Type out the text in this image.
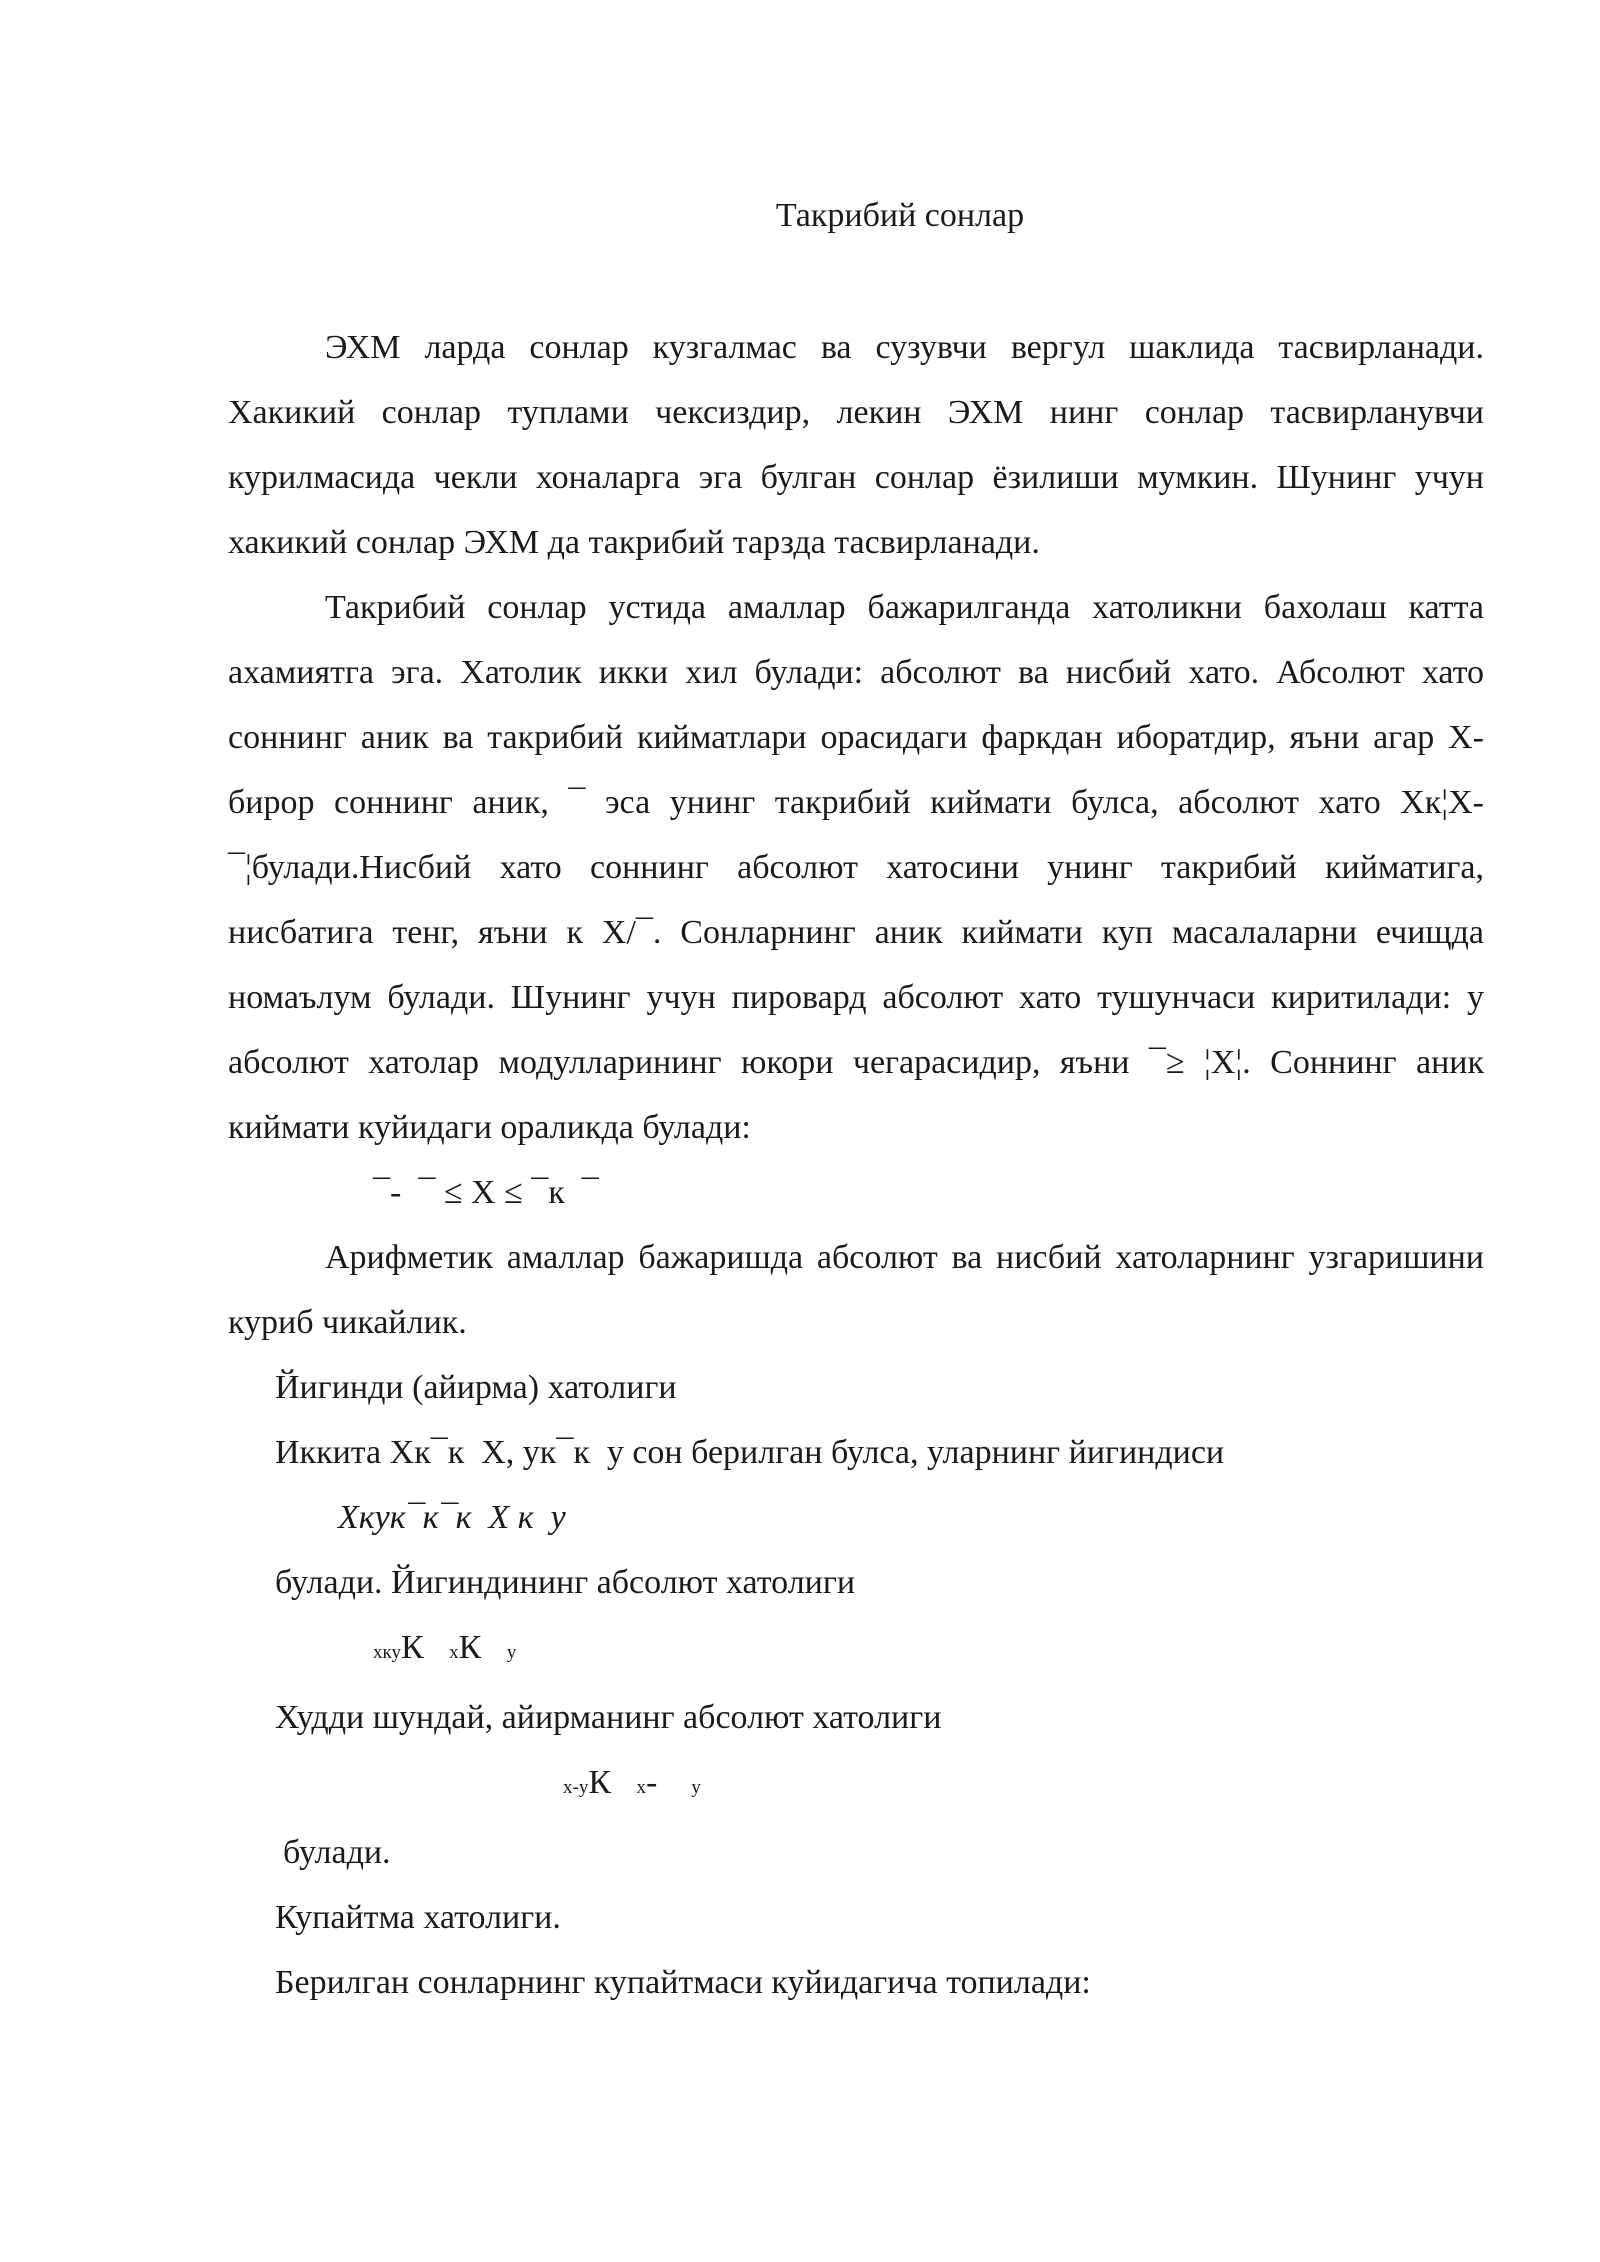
Такрибий сонлар

ЭХМ ларда сонлар кузгалмас ва сузувчи вергул шаклида тасвирланади. Хакикий сонлар туплами чексиздир, лекин ЭХМ нинг сонлар тасвирланувчи курилмасида чекли хоналарга эга булган сонлар ёзилиши мумкин. Шунинг учун хакикий сонлар ЭХМ да такрибий тарзда тасвирланади.

Такрибий сонлар устида амаллар бажарилганда хатоликни бахолаш катта ахамиятга эга. Хатолик икки хил булади: абсолют ва нисбий хато. Абсолют хато соннинг аник ва такрибий кийматлари орасидаги фаркдан иборатдир, яъни агар X-бирор соннинг аник, ¯ эса унинг такрибий киймати булса, абсолют хато Xк¦X-¯¦булади.Нисбий хато соннинг абсолют хатосини унинг такрибий кийматига, нисбатига тенг, яъни к X/¯. Сонларнинг аник киймати куп масалаларни ечищда номаълум булади. Шунинг учун пировард абсолют хато тушунчаси киритилади: у абсолют хатолар модулларининг юкори чегарасидир, яъни ¯≥ ¦X¦. Соннинг аник киймати куйидаги ораликда булади:

¯-  ¯ ≤ X ≤ ¯к  ¯

Арифметик амаллар бажаришда абсолют ва нисбий хатоларнинг узгаришини куриб чикайлик.

Йигинди (айирма) хатолиги

Иккита Xк¯к  X, ук¯к  у сон берилган булса, уларнинг йигиндиси

Xкук¯к¯к  X к  у

булади. Йигиндининг абсолют хатолиги

хкуК хК у

Худди шундай, айирманинг абсолют хатолиги

х-уК х- у

булади.

Купайтма хатолиги.

Берилган сонларнинг купайтмаси куйидагича топилади:
